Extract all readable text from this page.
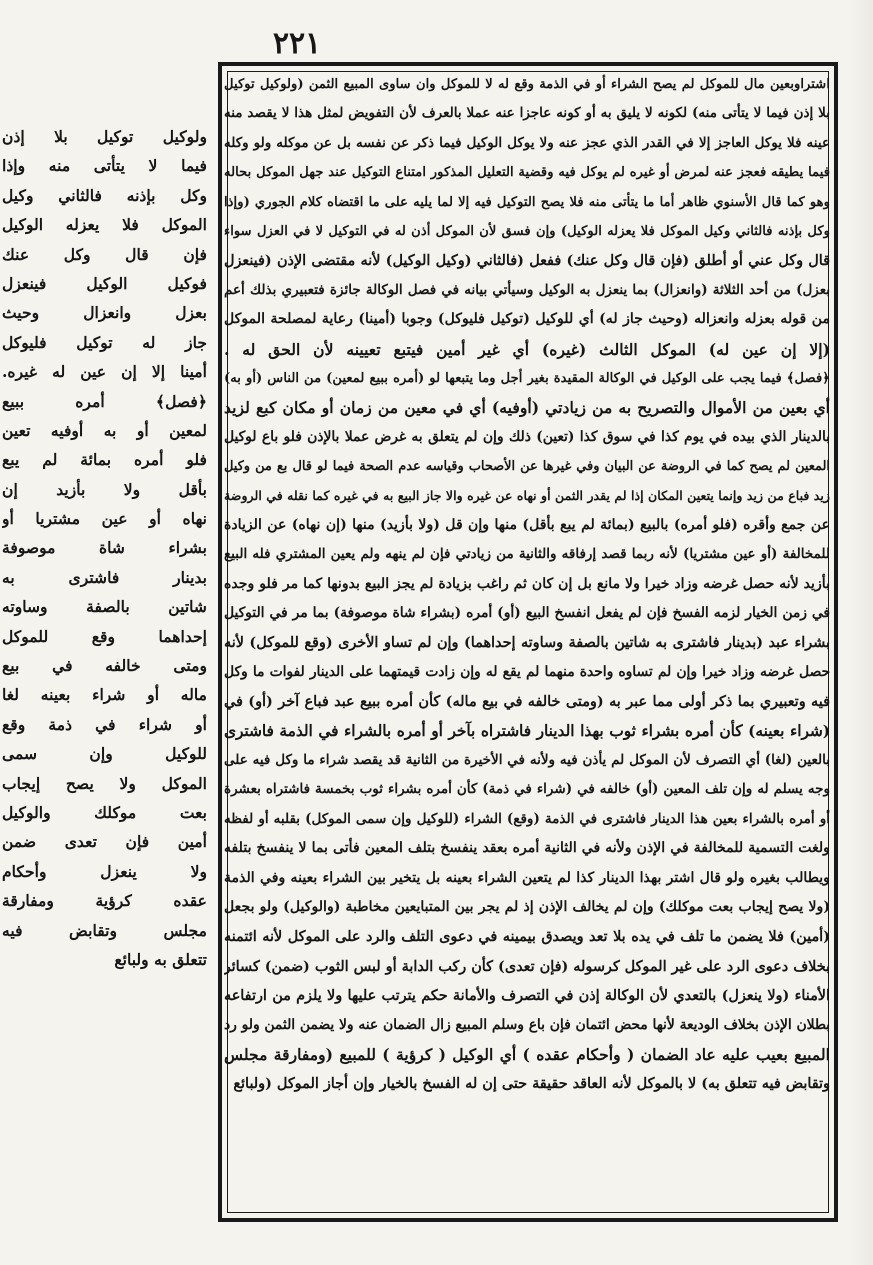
٢٢١
اشتراوبعين مال للموكل لم يصح الشراء أو في الذمة وقع له لا للموكل وان ساوى المبيع الثمن (ولوكيل توكيل
بلا إذن فيما لا يتأتى منه) لكونه لا يليق به أو كونه عاجزا عنه عملا بالعرف لأن التفويض لمثل هذا لا يقصد منه
عينه فلا يوكل العاجز إلا في القدر الذي عجز عنه ولا يوكل الوكيل فيما ذكر عن نفسه بل عن موكله ولو وكله
فيما يطيقه فعجز عنه لمرض أو غيره لم يوكل فيه وقضية التعليل المذكور امتناع التوكيل عند جهل الموكل بحاله
وهو كما قال الأسنوي ظاهر أما ما يتأتى منه فلا يصح التوكيل فيه إلا لما يليه على ما اقتضاه كلام الجوري (وإذا
وكل بإذنه فالثاني وكيل الموكل فلا يعزله الوكيل) وإن فسق لأن الموكل أذن له في التوكيل لا في العزل سواء
قال وكل عني أو أطلق (فإن قال وكل عنك) ففعل (فالثاني (وكيل الوكيل) لأنه مقتضى الإذن (فينعزل
بعزل) من أحد الثلاثة (وانعزال) بما ينعزل به الوكيل وسيأتي بيانه في فصل الوكالة جائزة فتعبيري بذلك أعم
من قوله بعزله وانعزاله (وحيث جاز له) أي للوكيل (توكيل فليوكل) وجوبا (أمينا) رعاية لمصلحة الموكل
(إلا إن عين له) الموكل الثالث (غيره) أي غير أمين فيتبع تعيينه لأن الحق له .
﴿فصل﴾ فيما يجب على الوكيل في الوكالة المقيدة بغير أجل وما يتبعها لو (أمره ببيع لمعين) من الناس (أو به)
أي بعين من الأموال والتصريح به من زيادتي (أوفيه) أي في معين من زمان أو مكان كبع لزيد
بالدينار الذي بيده في يوم كذا في سوق كذا (تعين) ذلك وإن لم يتعلق به غرض عملا بالإذن فلو باع لوكيل
المعين لم يصح كما في الروضة عن البيان وفي غيرها عن الأصحاب وقياسه عدم الصحة فيما لو قال بع من وكيل
زيد فباع من زيد وإنما يتعين المكان إذا لم يقدر الثمن أو نهاه عن غيره والا جاز البيع به في غيره كما نقله في الروضة
عن جمع وأقره (فلو أمره) بالبيع (بمائة لم يبع بأقل) منها وإن قل (ولا بأزيد) منها (إن نهاه) عن الزيادة
للمخالفة (أو عين مشتريا) لأنه ربما قصد إرفاقه والثانية من زيادتي فإن لم ينهه ولم يعين المشتري فله البيع
بأزيد لأنه حصل غرضه وزاد خيرا ولا مانع بل إن كان ثم راغب بزيادة لم يجز البيع بدونها كما مر فلو وجده
في زمن الخيار لزمه الفسخ فإن لم يفعل انفسخ البيع (أو) أمره (بشراء شاة موصوفة) بما مر في التوكيل
بشراء عبد (بدينار فاشترى به شاتين بالصفة وساوته إحداهما) وإن لم تساو الأخرى (وقع للموكل) لأنه
حصل غرضه وزاد خيرا وإن لم تساوه واحدة منهما لم يقع له وإن زادت قيمتهما على الدينار لفوات ما وكل
فيه وتعبيري بما ذكر أولى مما عبر به (ومتى خالفه في بيع ماله) كأن أمره ببيع عبد فباع آخر (أو) في
(شراء بعينه) كأن أمره بشراء ثوب بهذا الدينار فاشتراه بآخر أو أمره بالشراء في الذمة فاشترى
بالعين (لغا) أي التصرف لأن الموكل لم يأذن فيه ولأنه في الأخيرة من الثانية قد يقصد شراء ما وكل فيه على
وجه يسلم له وإن تلف المعين (أو) خالفه في (شراء في ذمة) كأن أمره بشراء ثوب بخمسة فاشتراه بعشرة
أو أمره بالشراء بعين هذا الدينار فاشترى في الذمة (وقع) الشراء (للوكيل وإن سمى الموكل) بقلبه أو لفظه
ولغت التسمية للمخالفة في الإذن ولأنه في الثانية أمره بعقد ينفسخ بتلف المعين فأتى بما لا ينفسخ بتلفه
ويطالب بغيره ولو قال اشتر بهذا الدينار كذا لم يتعين الشراء بعينه بل يتخير بين الشراء بعينه وفي الذمة
(ولا يصح إيجاب بعت موكلك) وإن لم يخالف الإذن إذ لم يجر بين المتبايعين مخاطبة (والوكيل) ولو بجعل
(أمين) فلا يضمن ما تلف في يده بلا تعد ويصدق بيمينه في دعوى التلف والرد على الموكل لأنه ائتمنه
بخلاف دعوى الرد على غير الموكل كرسوله (فإن تعدى) كأن ركب الدابة أو لبس الثوب (ضمن) كسائر
الأمناء (ولا ينعزل) بالتعدي لأن الوكالة إذن في التصرف والأمانة حكم يترتب عليها ولا يلزم من ارتفاعه
بطلان الإذن بخلاف الوديعة لأنها محض ائتمان فإن باع وسلم المبيع زال الضمان عنه ولا يضمن الثمن ولو رد
المبيع بعيب عليه عاد الضمان ( وأحكام عقده ) أي الوكيل ( كرؤية ) للمبيع (ومفارقة مجلس
وتقابض فيه تتعلق به) لا بالموكل لأنه العاقد حقيقة حتى إن له الفسخ بالخيار وإن أجاز الموكل (ولبائع
ولوكيل توكيل بلا إذن
فيما لا يتأتى منه وإذا
وكل بإذنه فالثاني وكيل
الموكل فلا يعزله الوكيل
فإن قال وكل عنك
فوكيل الوكيل فينعزل
بعزل وانعزال وحيث
جاز له توكيل فليوكل
أمينا إلا إن عين له غيره.
﴿فصل﴾ أمره ببيع
لمعين أو به أوفيه تعين
فلو أمره بمائة لم يبع
بأقل ولا بأزيد إن
نهاه أو عين مشتريا أو
بشراء شاة موصوفة
بدينار فاشترى به
شاتين بالصفة وساوته
إحداهما وقع للموكل
ومتى خالفه في بيع
ماله أو شراء بعينه لغا
أو شراء في ذمة وقع
للوكيل وإن سمى
الموكل ولا يصح إيجاب
بعت موكلك والوكيل
أمين فإن تعدى ضمن
ولا ينعزل وأحكام
عقده كرؤية ومفارقة
مجلس وتقابض فيه
تتعلق به ولبائع
